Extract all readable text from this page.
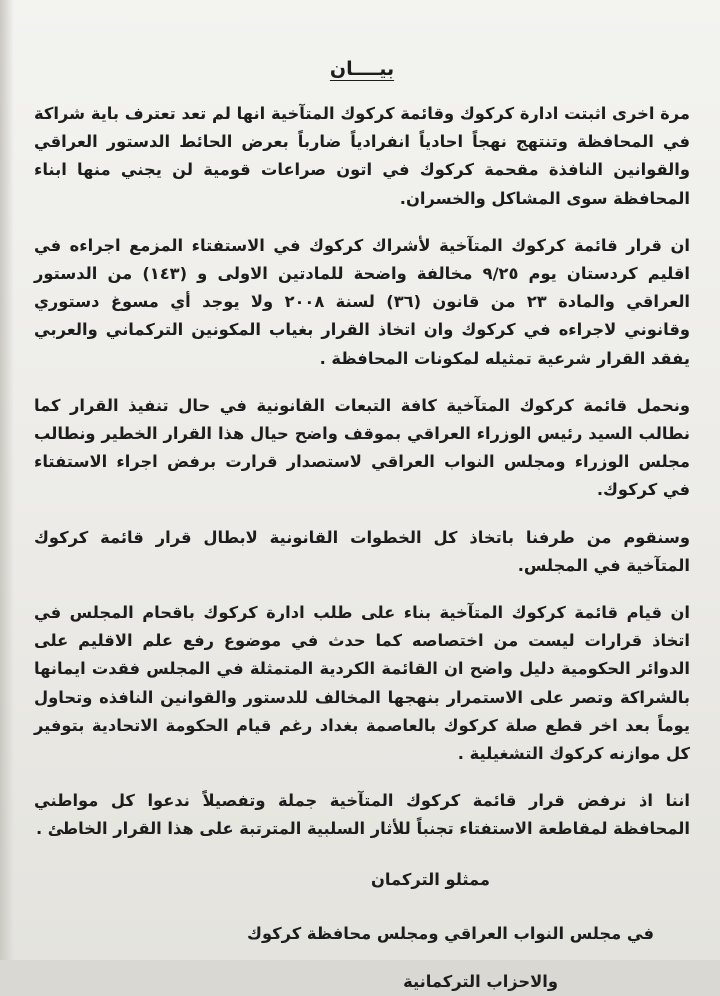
بيــــان

مرة اخرى اثبتت ادارة كركوك وقائمة كركوك المتآخية انها لم تعد تعترف باية شراكة في المحافظة وتنتهج نهجاً احادياً انفرادياً ضارباً بعرض الحائط الدستور العراقي والقوانين النافذة مقحمة كركوك في اتون صراعات قومية لن يجني منها ابناء المحافظة سوى المشاكل والخسران.

ان قرار قائمة كركوك المتآخية لأشراك كركوك في الاستفتاء المزمع اجراءه في اقليم كردستان يوم ٩/٢٥ مخالفة واضحة للمادتين الاولى و (١٤٣) من الدستور العراقي والمادة ٢٣ من قانون (٣٦) لسنة ٢٠٠٨ ولا يوجد أي مسوغ دستوري وقانوني لاجراءه في كركوك وان اتخاذ القرار بغياب المكونين التركماني والعربي يفقد القرار شرعية تمثيله لمكونات المحافظة .

ونحمل قائمة كركوك المتآخية كافة التبعات القانونية في حال تنفيذ القرار كما نطالب السيد رئيس الوزراء العراقي بموقف واضح حيال هذا القرار الخطير ونطالب مجلس الوزراء ومجلس النواب العراقي لاستصدار قرارت برفض اجراء الاستفتاء في كركوك.

وسنقوم من طرفنا باتخاذ كل الخطوات القانونية لابطال قرار قائمة كركوك المتآخية في المجلس.

ان قيام قائمة كركوك المتآخية بناء على طلب ادارة كركوك باقحام المجلس في اتخاذ قرارات ليست من اختصاصه كما حدث في موضوع رفع علم الاقليم على الدوائر الحكومية دليل واضح ان القائمة الكردية المتمثلة في المجلس فقدت ايمانها بالشراكة وتصر على الاستمرار بنهجها المخالف للدستور والقوانين النافذه وتحاول يوماً بعد اخر قطع صلة كركوك بالعاصمة بغداد رغم قيام الحكومة الاتحادية بتوفير كل موازنه كركوك التشغيلية .

اننا اذ نرفض قرار قائمة كركوك المتآخية جملة وتفصيلاً ندعوا كل مواطني المحافظة لمقاطعة الاستفتاء تجنباً للأثار السلبية المترتبة على هذا القرار الخاطئ .

ممثلو التركمان

في مجلس النواب العراقي ومجلس محافظة كركوك

والاحزاب التركمانية
